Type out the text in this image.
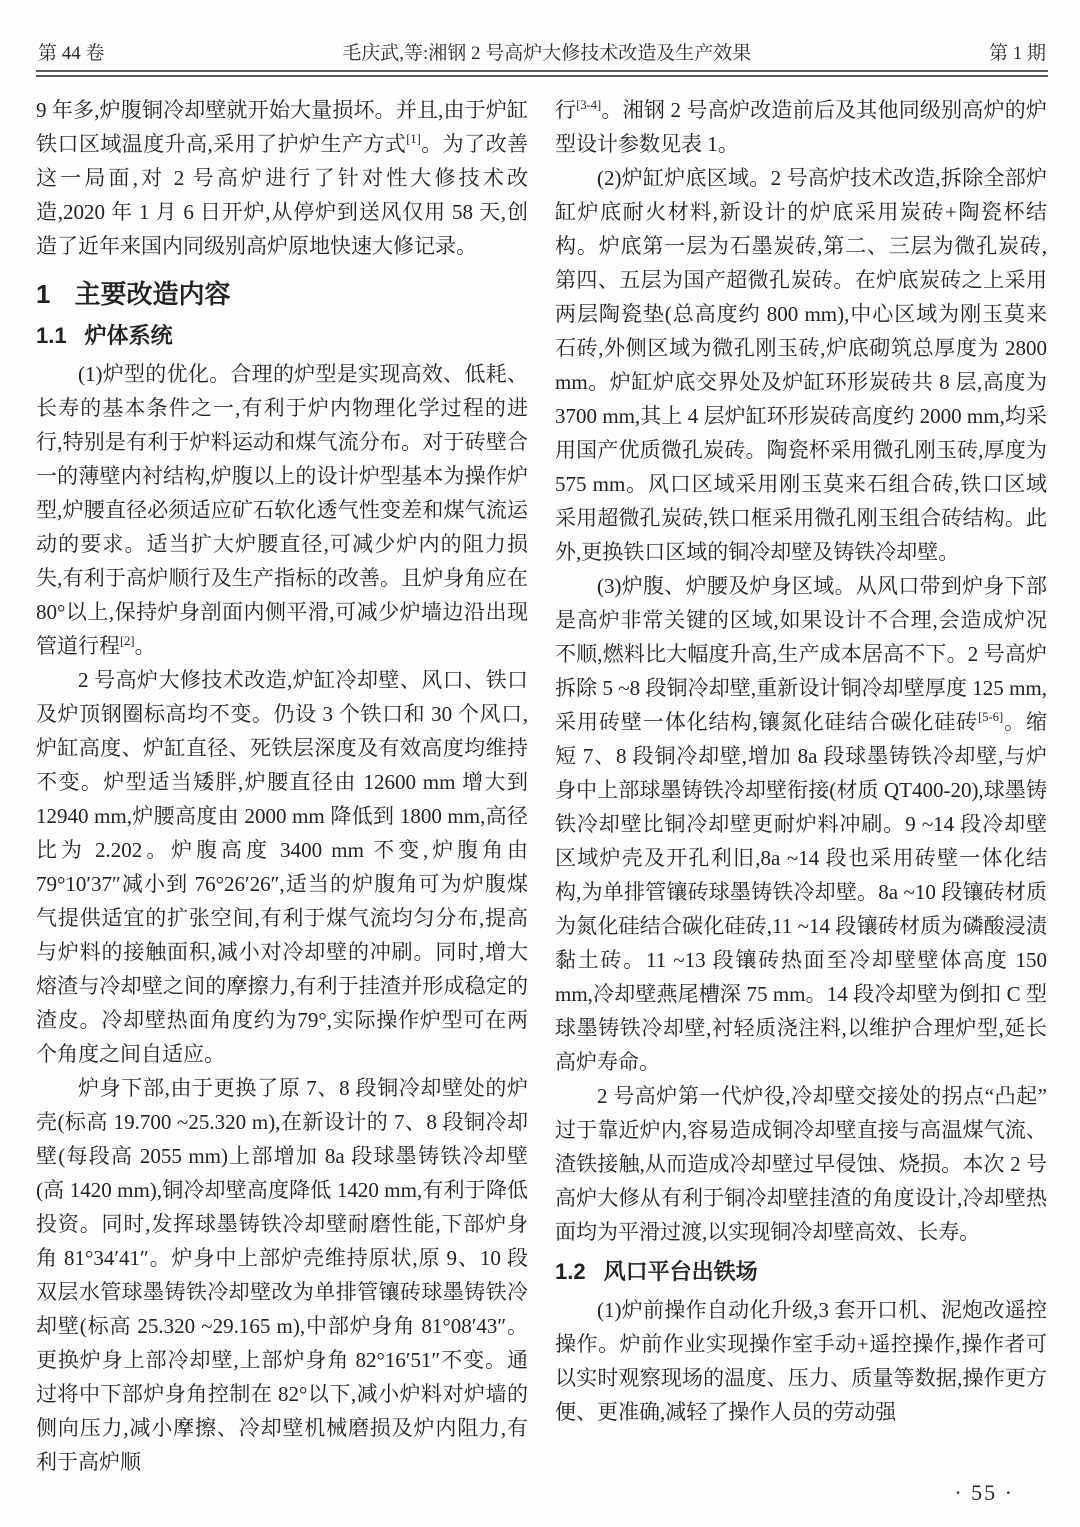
第 44 卷	毛庆武,等:湘钢 2 号高炉大修技术改造及生产效果	第 1 期

9 年多,炉腹铜冷却壁就开始大量损坏。并且,由于炉缸铁口区域温度升高,采用了护炉生产方式[1]。为了改善这一局面,对 2 号高炉进行了针对性大修技术改造,2020 年 1 月 6 日开炉,从停炉到送风仅用 58 天,创造了近年来国内同级别高炉原地快速大修记录。

1 主要改造内容
1.1 炉体系统

(1)炉型的优化。合理的炉型是实现高效、低耗、长寿的基本条件之一,有利于炉内物理化学过程的进行,特别是有利于炉料运动和煤气流分布。对于砖壁合一的薄壁内衬结构,炉腹以上的设计炉型基本为操作炉型,炉腰直径必须适应矿石软化透气性变差和煤气流运动的要求。适当扩大炉腰直径,可减少炉内的阻力损失,有利于高炉顺行及生产指标的改善。且炉身角应在 80°以上,保持炉身剖面内侧平滑,可减少炉墙边沿出现管道行程[2]。

2 号高炉大修技术改造,炉缸冷却壁、风口、铁口及炉顶钢圈标高均不变。仍设 3 个铁口和 30 个风口,炉缸高度、炉缸直径、死铁层深度及有效高度均维持不变。炉型适当矮胖,炉腰直径由 12600 mm 增大到 12940 mm,炉腰高度由 2000 mm 降低到 1800 mm,高径比为 2.202。炉腹高度 3400 mm 不变,炉腹角由 79°10′37″减小到 76°26′26″,适当的炉腹角可为炉腹煤气提供适宜的扩张空间,有利于煤气流均匀分布,提高与炉料的接触面积,减小对冷却壁的冲刷。同时,增大熔渣与冷却壁之间的摩擦力,有利于挂渣并形成稳定的渣皮。冷却壁热面角度约为79°,实际操作炉型可在两个角度之间自适应。

炉身下部,由于更换了原 7、8 段铜冷却壁处的炉壳(标高 19.700 ~25.320 m),在新设计的 7、8 段铜冷却壁(每段高 2055 mm)上部增加 8a 段球墨铸铁冷却壁(高 1420 mm),铜冷却壁高度降低 1420 mm,有利于降低投资。同时,发挥球墨铸铁冷却壁耐磨性能,下部炉身角 81°34′41″。炉身中上部炉壳维持原状,原 9、10 段双层水管球墨铸铁冷却壁改为单排管镶砖球墨铸铁冷却壁(标高 25.320 ~29.165 m),中部炉身角 81°08′43″。更换炉身上部冷却壁,上部炉身角 82°16′51″不变。通过将中下部炉身角控制在 82°以下,减小炉料对炉墙的侧向压力,减小摩擦、冷却壁机械磨损及炉内阻力,有利于高炉顺

行[3-4]。湘钢 2 号高炉改造前后及其他同级别高炉的炉型设计参数见表 1。

(2)炉缸炉底区域。2 号高炉技术改造,拆除全部炉缸炉底耐火材料,新设计的炉底采用炭砖+陶瓷杯结构。炉底第一层为石墨炭砖,第二、三层为微孔炭砖,第四、五层为国产超微孔炭砖。在炉底炭砖之上采用两层陶瓷垫(总高度约 800 mm),中心区域为刚玉莫来石砖,外侧区域为微孔刚玉砖,炉底砌筑总厚度为 2800 mm。炉缸炉底交界处及炉缸环形炭砖共 8 层,高度为 3700 mm,其上 4 层炉缸环形炭砖高度约 2000 mm,均采用国产优质微孔炭砖。陶瓷杯采用微孔刚玉砖,厚度为 575 mm。风口区域采用刚玉莫来石组合砖,铁口区域采用超微孔炭砖,铁口框采用微孔刚玉组合砖结构。此外,更换铁口区域的铜冷却壁及铸铁冷却壁。

(3)炉腹、炉腰及炉身区域。从风口带到炉身下部是高炉非常关键的区域,如果设计不合理,会造成炉况不顺,燃料比大幅度升高,生产成本居高不下。2 号高炉拆除 5 ~8 段铜冷却壁,重新设计铜冷却壁厚度 125 mm,采用砖壁一体化结构,镶氮化硅结合碳化硅砖[5-6]。缩短 7、8 段铜冷却壁,增加 8a 段球墨铸铁冷却壁,与炉身中上部球墨铸铁冷却壁衔接(材质 QT400-20),球墨铸铁冷却壁比铜冷却壁更耐炉料冲刷。9 ~14 段冷却壁区域炉壳及开孔利旧,8a ~14 段也采用砖壁一体化结构,为单排管镶砖球墨铸铁冷却壁。8a ~10 段镶砖材质为氮化硅结合碳化硅砖,11 ~14 段镶砖材质为磷酸浸渍黏土砖。11 ~13 段镶砖热面至冷却壁壁体高度 150 mm,冷却壁燕尾槽深 75 mm。14 段冷却壁为倒扣 C 型球墨铸铁冷却壁,衬轻质浇注料,以维护合理炉型,延长高炉寿命。

2 号高炉第一代炉役,冷却壁交接处的拐点“凸起”过于靠近炉内,容易造成铜冷却壁直接与高温煤气流、渣铁接触,从而造成冷却壁过早侵蚀、烧损。本次 2 号高炉大修从有利于铜冷却壁挂渣的角度设计,冷却壁热面均为平滑过渡,以实现铜冷却壁高效、长寿。

1.2 风口平台出铁场

(1)炉前操作自动化升级,3 套开口机、泥炮改遥控操作。炉前作业实现操作室手动+遥控操作,操作者可以实时观察现场的温度、压力、质量等数据,操作更方便、更准确,减轻了操作人员的劳动强

· 55 ·
